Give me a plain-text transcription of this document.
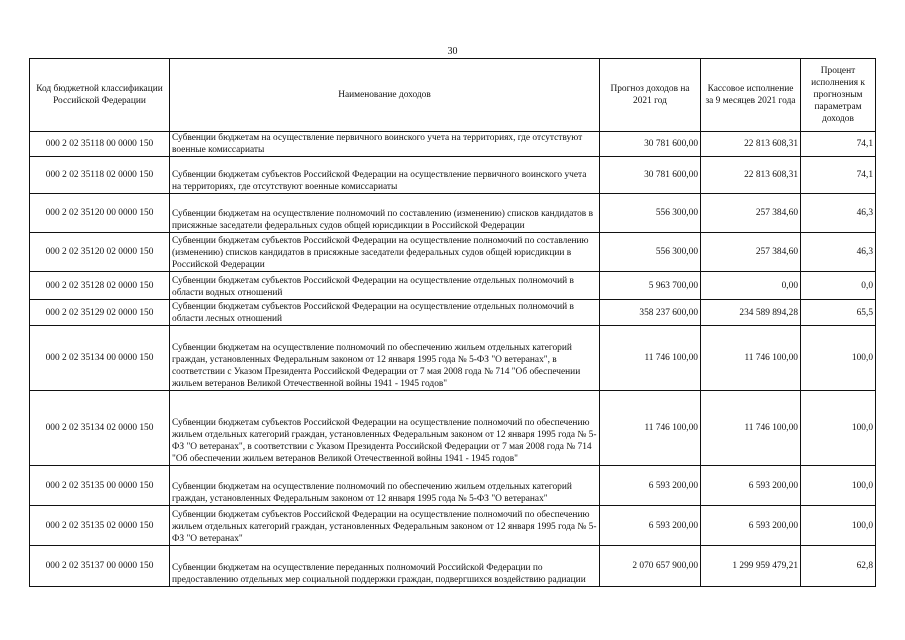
30
Код бюджетной классификации Российской Федерации	Наименование доходов	Прогноз доходов на 2021 год	Кассовое исполнение за 9 месяцев 2021 года	Процент исполнения к прогнозным параметрам доходов
000 2 02 35118 00 0000 150	Субвенции бюджетам на осуществление первичного воинского учета на территориях, где отсутствуют военные комиссариаты	30 781 600,00	22 813 608,31	74,1
000 2 02 35118 02 0000 150	Субвенции бюджетам субъектов Российской Федерации на осуществление первичного воинского учета на территориях, где отсутствуют военные комиссариаты	30 781 600,00	22 813 608,31	74,1
000 2 02 35120 00 0000 150	Субвенции бюджетам на осуществление полномочий по составлению (изменению) списков кандидатов в присяжные заседатели федеральных судов общей юрисдикции в Российской Федерации	556 300,00	257 384,60	46,3
000 2 02 35120 02 0000 150	Субвенции бюджетам субъектов Российской Федерации на осуществление полномочий по составлению (изменению) списков кандидатов в присяжные заседатели федеральных судов общей юрисдикции в Российской Федерации	556 300,00	257 384,60	46,3
000 2 02 35128 02 0000 150	Субвенции бюджетам субъектов Российской Федерации на осуществление отдельных полномочий в области водных отношений	5 963 700,00	0,00	0,0
000 2 02 35129 02 0000 150	Субвенции бюджетам субъектов Российской Федерации на осуществление отдельных полномочий в области лесных отношений	358 237 600,00	234 589 894,28	65,5
000 2 02 35134 00 0000 150	Субвенции бюджетам на осуществление полномочий по обеспечению жильем отдельных категорий граждан, установленных Федеральным законом от 12 января 1995 года № 5-ФЗ "О ветеранах", в соответствии с Указом Президента Российской Федерации от 7 мая 2008 года № 714 "Об обеспечении жильем ветеранов Великой Отечественной войны 1941 - 1945 годов"	11 746 100,00	11 746 100,00	100,0
000 2 02 35134 02 0000 150	Субвенции бюджетам субъектов Российской Федерации на осуществление полномочий по обеспечению жильем отдельных категорий граждан, установленных Федеральным законом от 12 января 1995 года № 5-ФЗ "О ветеранах", в соответствии с Указом Президента Российской Федерации от 7 мая 2008 года № 714 "Об обеспечении жильем ветеранов Великой Отечественной войны 1941 - 1945 годов"	11 746 100,00	11 746 100,00	100,0
000 2 02 35135 00 0000 150	Субвенции бюджетам на осуществление полномочий по обеспечению жильем отдельных категорий граждан, установленных Федеральным законом от 12 января 1995 года № 5-ФЗ "О ветеранах"	6 593 200,00	6 593 200,00	100,0
000 2 02 35135 02 0000 150	Субвенции бюджетам субъектов Российской Федерации на осуществление полномочий по обеспечению жильем отдельных категорий граждан, установленных Федеральным законом от 12 января 1995 года № 5-ФЗ "О ветеранах"	6 593 200,00	6 593 200,00	100,0
000 2 02 35137 00 0000 150	Субвенции бюджетам на осуществление переданных полномочий Российской Федерации по предоставлению отдельных мер социальной поддержки граждан, подвергшихся воздействию радиации	2 070 657 900,00	1 299 959 479,21	62,8
